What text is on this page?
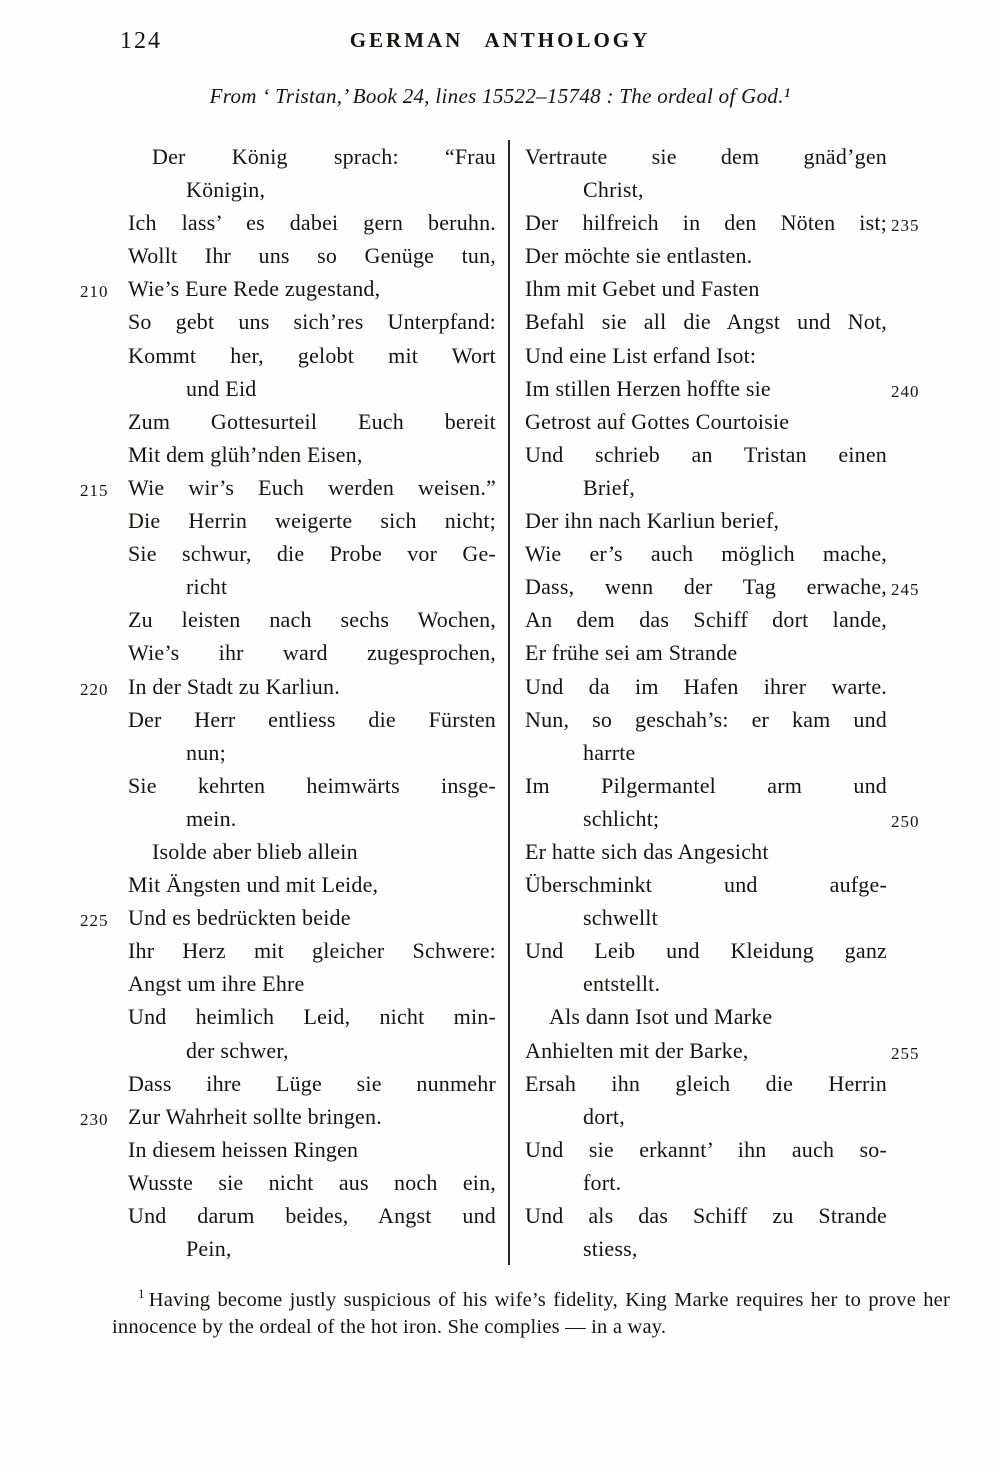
124	GERMAN ANTHOLOGY
From ‘ Tristan,’ Book 24, lines 15522–15748 : The ordeal of God.¹
Der König sprach: “Frau
Königin,
Ich lass’ es dabei gern beruhn.
Wollt Ihr uns so Genüge tun,
Wie’s Eure Rede zugestand,
210
So gebt uns sich’res Unterpfand:
Kommt her, gelobt mit Wort
und Eid
Zum Gottesurteil Euch bereit
Mit dem glüh’nden Eisen,
Wie wir’s Euch werden weisen.”
215
Die Herrin weigerte sich nicht;
Sie schwur, die Probe vor Ge-
richt
Zu leisten nach sechs Wochen,
Wie’s ihr ward zugesprochen,
In der Stadt zu Karliun.
220
Der Herr entliess die Fürsten
nun;
Sie kehrten heimwärts insge-
mein.
Isolde aber blieb allein
Mit Ängsten und mit Leide,
Und es bedrückten beide
225
Ihr Herz mit gleicher Schwere:
Angst um ihre Ehre
Und heimlich Leid, nicht min-
der schwer,
Dass ihre Lüge sie nunmehr
Zur Wahrheit sollte bringen.
230
In diesem heissen Ringen
Wusste sie nicht aus noch ein,
Und darum beides, Angst und
Pein,
Vertraute sie dem gnäd’gen
Christ,
Der hilfreich in den Nöten ist; 235
Der möchte sie entlasten.
Ihm mit Gebet und Fasten
Befahl sie all die Angst und Not,
Und eine List erfand Isot:
Im stillen Herzen hoffte sie	240
Getrost auf Gottes Courtoisie
Und schrieb an Tristan einen
Brief,
Der ihn nach Karliun berief,
Wie er’s auch möglich mache,
Dass, wenn der Tag erwache, 245
An dem das Schiff dort lande,
Er frühe sei am Strande
Und da im Hafen ihrer warte.
Nun, so geschah’s: er kam und
harrte
Im Pilgermantel arm und
schlicht;	250
Er hatte sich das Angesicht
Überschminkt und aufge-
schwellt
Und Leib und Kleidung ganz
entstellt.
Als dann Isot und Marke
Anhielten mit der Barke,	255
Ersah ihn gleich die Herrin
dort,
Und sie erkannt’ ihn auch so-
fort.
Und als das Schiff zu Strande
stiess,
$^1$ Having become justly suspicious of his wife’s fidelity, King Marke requires her to prove her innocence by the ordeal of the hot iron. She complies — in a way.
